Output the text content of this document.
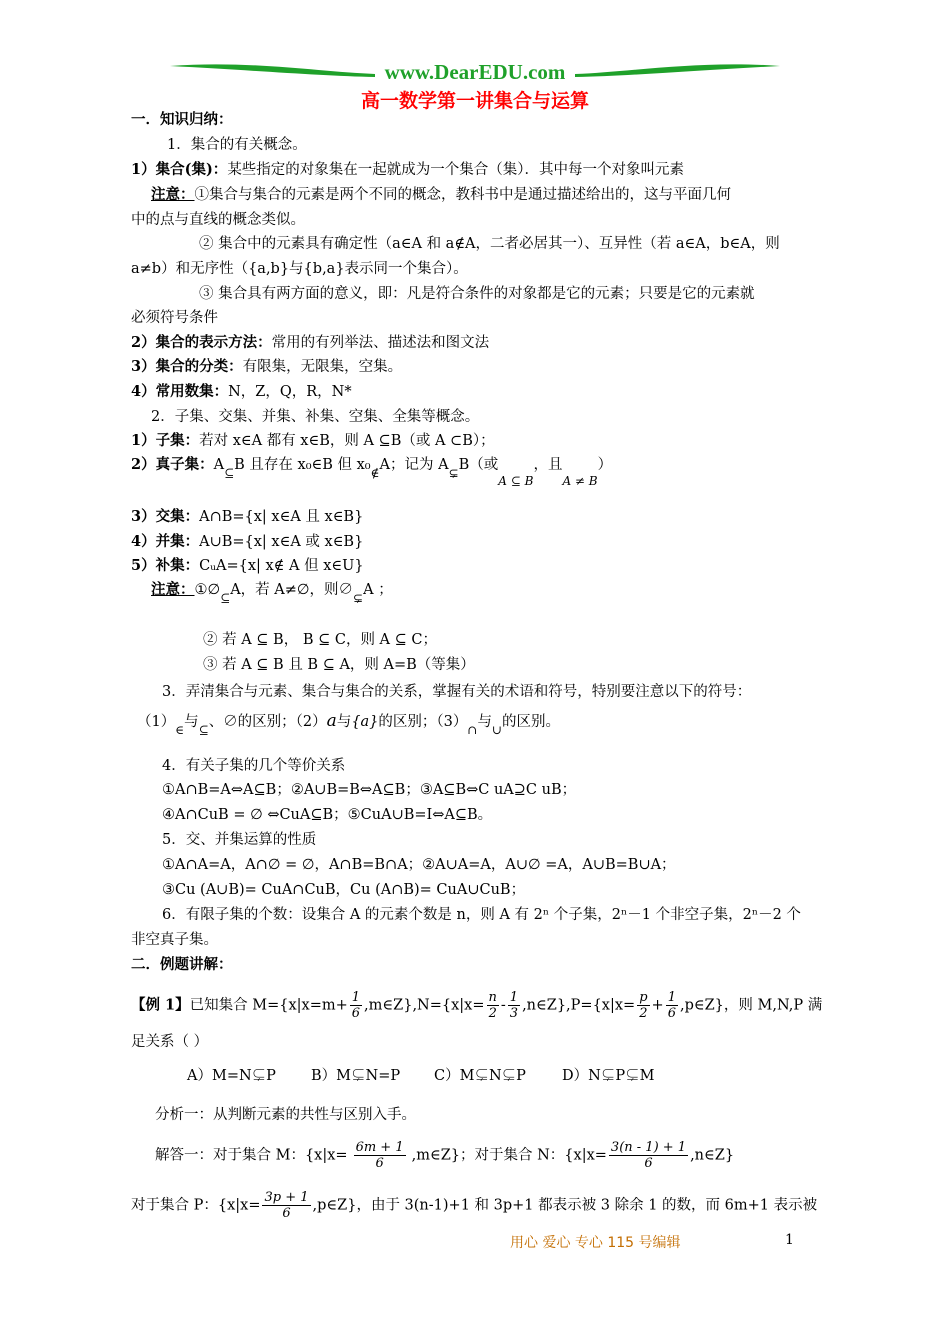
www.DearEDU.com
高一数学第一讲集合与运算
一．知识归纳：
1．集合的有关概念。
1）集合(集)：某些指定的对象集在一起就成为一个集合（集）．其中每一个对象叫元素
注意：①集合与集合的元素是两个不同的概念，教科书中是通过描述给出的，这与平面几何
中的点与直线的概念类似。
② 集合中的元素具有确定性（a∈A 和 a∉A，二者必居其一）、互异性（若 a∈A，b∈A，则
a≠b）和无序性（{a,b}与{b,a}表示同一个集合）。
③ 集合具有两方面的意义，即：凡是符合条件的对象都是它的元素；只要是它的元素就
必须符号条件
2）集合的表示方法：常用的有列举法、描述法和图文法
3）集合的分类：有限集，无限集，空集。
4）常用数集：N，Z，Q，R，N*
2．子集、交集、并集、补集、空集、全集等概念。
1）子集：若对 x∈A 都有 x∈B，则 A ⊆B（或 A ⊂B）；
2）真子集：$A_⊆B$ 且存在 x₀∈B 但 $x_0_\notin A$；记为 $A_⊊B$（或$_{A ⊆ B}$，且$_{A \ne B}$）
3）交集：A∩B={x| x∈A 且 x∈B}
4）并集：A∪B={x| x∈A 或 x∈B}
5）补集：CᵤA={x| x∉ A 但 x∈U}
注意：$①\emptyset_⊆A$，若 A≠∅，则$\emptyset_⊊A$ ；
② 若 A ⊆ B， B ⊆ C，则 A ⊆ C；
③ 若 A ⊆ B 且 B ⊆ A，则 A=B（等集）
3．弄清集合与元素、集合与集合的关系，掌握有关的术语和符号，特别要注意以下的符号：
$(1)_\in$与$_⊆$、∅的区别；（2）a与{a}的区别；$(3)_\cap$与$_\cup$的区别。
4．有关子集的几个等价关系
①A∩B=A⇔A⊆B；②A∪B=B⇔A⊆B；③A⊆B⇔C uA⊇C uB；
④A∩CuB = ∅ ⇔CuA⊆B；⑤CuA∪B=I⇔A⊆B。
5．交、并集运算的性质
①A∩A=A，A∩∅ = ∅，A∩B=B∩A；②A∪A=A，A∪∅ =A，A∪B=B∪A；
③Cu (A∪B)= CuA∩CuB，Cu (A∩B)= CuA∪CuB；
6．有限子集的个数：设集合 A 的元素个数是 n，则 A 有 2ⁿ 个子集，2ⁿ－1 个非空子集，2ⁿ－2 个
非空真子集。
二．例题讲解：
【例 1】已知集合 $M=\{x|x=m+ \frac{1}{6}$ ,m∈Z},N={x|x= $\frac{n}{2} - \frac{1}{3}$ ,n∈Z},P={x|x= $\frac{p}{2} + \frac{1}{6}$ ,p∈Z}，则 M,N,P 满
足关系（ ）
A）M=N⊊P B）M⊊N=P C）M⊊N⊊P D）N⊊P⊊M
分析一：从判断元素的共性与区别入手。
解答一：对于集合 M：{$x|x= \frac{6m + 1}{6}$ ,m∈Z}；对于集合 N：{$x|x= \frac{3(n - 1) + 1}{6}$ ,n∈Z}
对于集合 P：{$x|x= \frac{3p + 1}{6}$ ,p∈Z}，由于 3(n-1)+1 和 3p+1 都表示被 3 除余 1 的数，而 6m+1 表示被
用心 爱心 专心 115 号编辑	1
